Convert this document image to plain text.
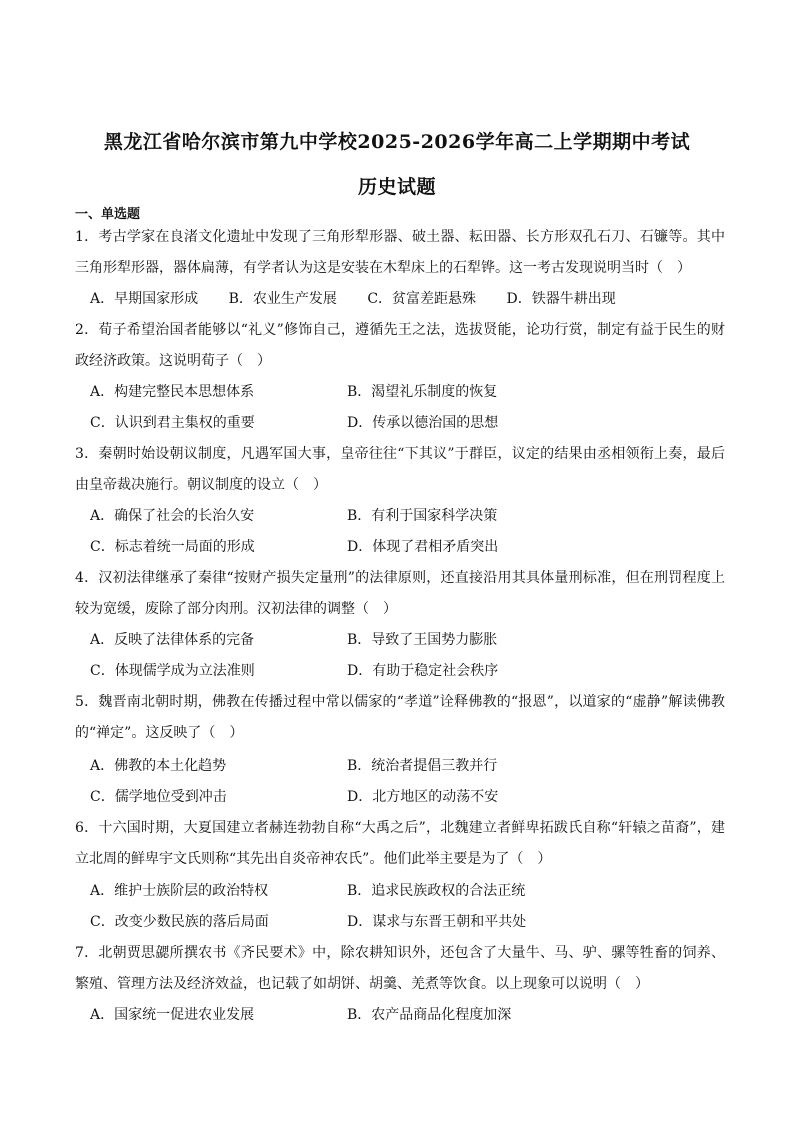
黑龙江省哈尔滨市第九中学校2025-2026学年高二上学期期中考试
历史试题
一、单选题
1．考古学家在良渚文化遗址中发现了三角形犁形器、破土器、耘田器、长方形双孔石刀、石镰等。其中三角形犁形器，器体扁薄，有学者认为这是安装在木犁床上的石犁铧。这一考古发现说明当时（　）
A．早期国家形成 B．农业生产发展 C．贫富差距悬殊 D．铁器牛耕出现
2．荀子希望治国者能够以“礼义”修饰自己，遵循先王之法，选拔贤能，论功行赏，制定有益于民生的财政经济政策。这说明荀子（　）
A．构建完整民本思想体系	B．渴望礼乐制度的恢复
C．认识到君主集权的重要	D．传承以德治国的思想
3．秦朝时始设朝议制度，凡遇军国大事，皇帝往往“下其议”于群臣，议定的结果由丞相领衔上奏，最后由皇帝裁决施行。朝议制度的设立（　）
A．确保了社会的长治久安	B．有利于国家科学决策
C．标志着统一局面的形成	D．体现了君相矛盾突出
4．汉初法律继承了秦律“按财产损失定量刑”的法律原则，还直接沿用其具体量刑标准，但在刑罚程度上较为宽缓，废除了部分肉刑。汉初法律的调整（　）
A．反映了法律体系的完备	B．导致了王国势力膨胀
C．体现儒学成为立法准则	D．有助于稳定社会秩序
5．魏晋南北朝时期，佛教在传播过程中常以儒家的“孝道”诠释佛教的“报恩”，以道家的“虚静”解读佛教的“禅定”。这反映了（　）
A．佛教的本土化趋势	B．统治者提倡三教并行
C．儒学地位受到冲击	D．北方地区的动荡不安
6．十六国时期，大夏国建立者赫连勃勃自称“大禹之后”，北魏建立者鲜卑拓跋氏自称“轩辕之苗裔”，建立北周的鲜卑宇文氏则称“其先出自炎帝神农氏”。他们此举主要是为了（　）
A．维护士族阶层的政治特权	B．追求民族政权的合法正统
C．改变少数民族的落后局面	D．谋求与东晋王朝和平共处
7．北朝贾思勰所撰农书《齐民要术》中，除农耕知识外，还包含了大量牛、马、驴、骡等牲畜的饲养、繁殖、管理方法及经济效益，也记载了如胡饼、胡羹、羌煮等饮食。以上现象可以说明（　）
A．国家统一促进农业发展	B．农产品商品化程度加深
